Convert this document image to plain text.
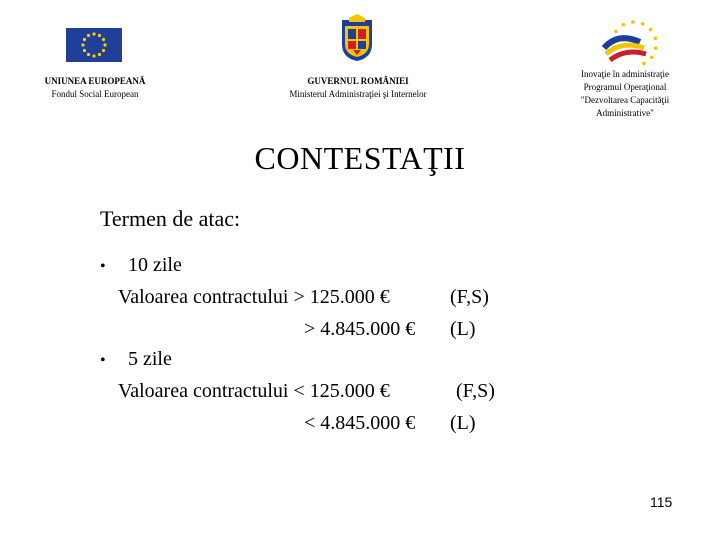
UNIUNEA EUROPEANĂ
Fondul Social European
GUVERNUL ROMÂNIEI
Ministerul Administraţiei şi Internelor
Inovaţie în administraţie
Programul Operaţional
"Dezvoltarea Capacităţii
Administrative"
CONTESTAŢII
Termen de atac:
• 10 zile
Valoarea contractului > 125.000 €	(F,S)
> 4.845.000 € (L)
• 5 zile
Valoarea contractului < 125.000 €	(F,S)
< 4.845.000 € (L)
115
